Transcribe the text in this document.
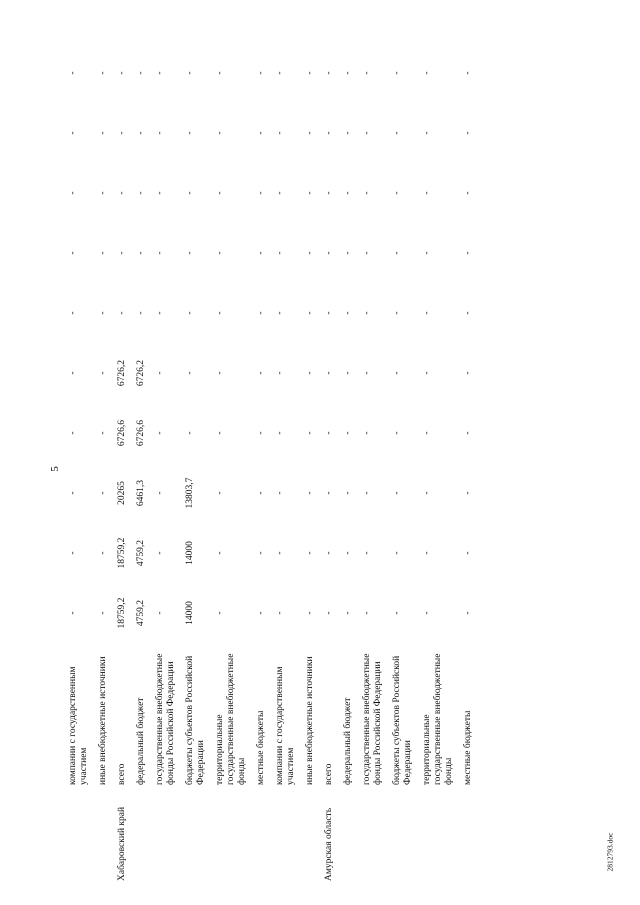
5
	компании с государственным участием	-	-	-	-	-	-	-	-	-	-
	иные внебюджетные источники	-	-	-	-	-	-	-	-	-	-
Хабаровский край	всего	18759,2	18759,2	20265	6726,6	6726,2	-	-	-	-	-
	федеральный бюджет	4759,2	4759,2	6461,3	6726,6	6726,2	-	-	-	-	-
	государственные внебюджетные фонды Российской Федерации	-	-	-	-	-	-	-	-	-	-
	бюджеты субъектов Российской Федерации	14000	14000	13803,7	-	-	-	-	-	-	-
	территориальные государственные внебюджетные фонды	-	-	-	-	-	-	-	-	-	-
	местные бюджеты	-	-	-	-	-	-	-	-	-	-
	компании с государственным участием	-	-	-	-	-	-	-	-	-	-
	иные внебюджетные источники	-	-	-	-	-	-	-	-	-	-
Амурская область	всего	-	-	-	-	-	-	-	-	-	-
	федеральный бюджет	-	-	-	-	-	-	-	-	-	-
	государственные внебюджетные фонды Российской Федерации	-	-	-	-	-	-	-	-	-	-
	бюджеты субъектов Российской Федерации	-	-	-	-	-	-	-	-	-	-
	территориальные государственные внебюджетные фонды	-	-	-	-	-	-	-	-	-	-
	местные бюджеты	-	-	-	-	-	-	-	-	-	-
2812793.doc
